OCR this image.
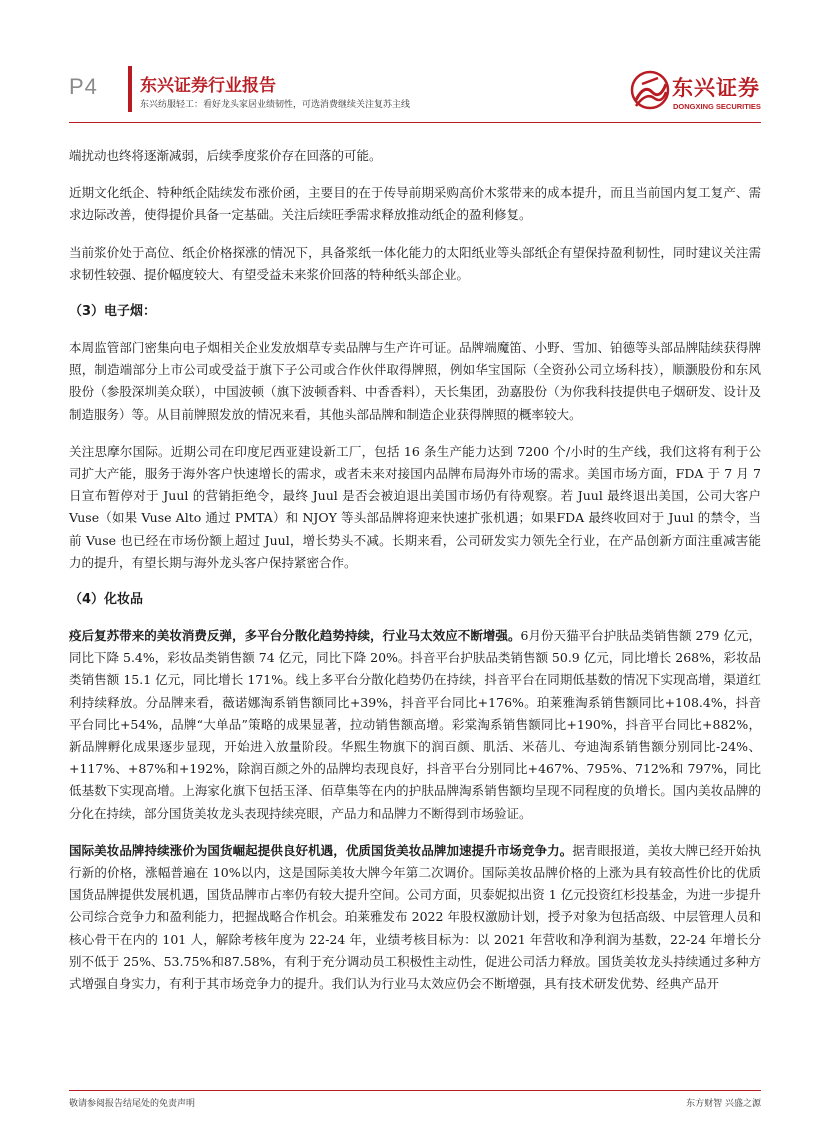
P4 东兴证券行业报告
东兴纺服轻工：看好龙头家居业绩韧性，可选消费继续关注复苏主线
东兴证券
DONGXING SECURITIES

端扰动也终将逐渐减弱，后续季度浆价存在回落的可能。

近期文化纸企、特种纸企陆续发布涨价函，主要目的在于传导前期采购高价木浆带来的成本提升，而且当前国内复工复产、需求边际改善，使得提价具备一定基础。关注后续旺季需求释放推动纸企的盈利修复。

当前浆价处于高位、纸企价格探涨的情况下，具备浆纸一体化能力的太阳纸业等头部纸企有望保持盈利韧性，同时建议关注需求韧性较强、提价幅度较大、有望受益未来浆价回落的特种纸头部企业。

（3）电子烟：

本周监管部门密集向电子烟相关企业发放烟草专卖品牌与生产许可证。品牌端魔笛、小野、雪加、铂德等头部品牌陆续获得牌照，制造端部分上市公司或受益于旗下子公司或合作伙伴取得牌照，例如华宝国际（全资孙公司立场科技），顺灏股份和东风股份（参股深圳美众联），中国波顿（旗下波顿香料、中香香料），天长集团，劲嘉股份（为你我科技提供电子烟研发、设计及制造服务）等。从目前牌照发放的情况来看，其他头部品牌和制造企业获得牌照的概率较大。

关注思摩尔国际。近期公司在印度尼西亚建设新工厂，包括 16 条生产能力达到 7200 个/小时的生产线，我们这将有利于公司扩大产能，服务于海外客户快速增长的需求，或者未来对接国内品牌布局海外市场的需求。美国市场方面，FDA 于 7 月 7 日宣布暂停对于 Juul 的营销拒绝令，最终 Juul 是否会被迫退出美国市场仍有待观察。若 Juul 最终退出美国，公司大客户 Vuse（如果 Vuse Alto 通过 PMTA）和 NJOY 等头部品牌将迎来快速扩张机遇；如果FDA 最终收回对于 Juul 的禁令，当前 Vuse 也已经在市场份额上超过 Juul，增长势头不减。长期来看，公司研发实力领先全行业，在产品创新方面注重减害能力的提升，有望长期与海外龙头客户保持紧密合作。

（4）化妆品

疫后复苏带来的美妆消费反弹，多平台分散化趋势持续，行业马太效应不断增强。6月份天猫平台护肤品类销售额 279 亿元，同比下降 5.4%，彩妆品类销售额 74 亿元，同比下降 20%。抖音平台护肤品类销售额 50.9 亿元，同比增长 268%，彩妆品类销售额 15.1 亿元，同比增长 171%。线上多平台分散化趋势仍在持续，抖音平台在同期低基数的情况下实现高增，渠道红利持续释放。分品牌来看，薇诺娜淘系销售额同比+39%，抖音平台同比+176%。珀莱雅淘系销售额同比+108.4%，抖音平台同比+54%，品牌“大单品”策略的成果显著，拉动销售额高增。彩棠淘系销售额同比+190%，抖音平台同比+882%，新品牌孵化成果逐步显现，开始进入放量阶段。华熙生物旗下的润百颜、肌活、米蓓儿、夸迪淘系销售额分别同比-24%、+117%、+87%和+192%，除润百颜之外的品牌均表现良好，抖音平台分别同比+467%、795%、712%和 797%，同比低基数下实现高增。上海家化旗下包括玉泽、佰草集等在内的护肤品牌淘系销售额均呈现不同程度的负增长。国内美妆品牌的分化在持续，部分国货美妆龙头表现持续亮眼，产品力和品牌力不断得到市场验证。

国际美妆品牌持续涨价为国货崛起提供良好机遇，优质国货美妆品牌加速提升市场竞争力。据青眼报道，美妆大牌已经开始执行新的价格，涨幅普遍在 10%以内，这是国际美妆大牌今年第二次调价。国际美妆品牌价格的上涨为具有较高性价比的优质国货品牌提供发展机遇，国货品牌市占率仍有较大提升空间。公司方面，贝泰妮拟出资 1 亿元投资红杉投基金，为进一步提升公司综合竞争力和盈利能力，把握战略合作机会。珀莱雅发布 2022 年股权激励计划，授予对象为包括高级、中层管理人员和核心骨干在内的 101 人，解除考核年度为 22-24 年，业绩考核目标为：以 2021 年营收和净利润为基数，22-24 年增长分别不低于 25%、53.75%和87.58%，有利于充分调动员工积极性主动性，促进公司活力释放。国货美妆龙头持续通过多种方式增强自身实力，有利于其市场竞争力的提升。我们认为行业马太效应仍会不断增强，具有技术研发优势、经典产品开

敬请参阅报告结尾处的免责声明	东方财智 兴盛之源
